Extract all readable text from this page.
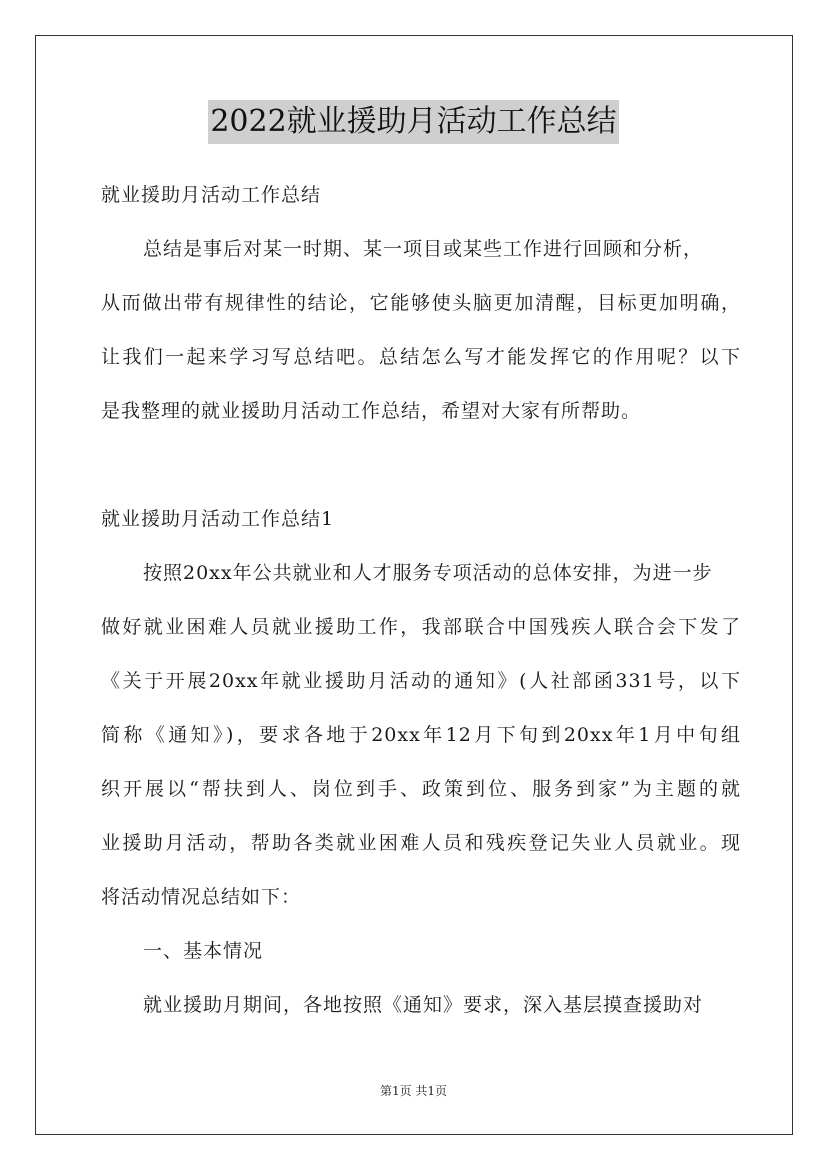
2022就业援助月活动工作总结
就业援助月活动工作总结
总结是事后对某一时期、某一项目或某些工作进行回顾和分析，
从而做出带有规律性的结论，它能够使头脑更加清醒，目标更加明确，
让我们一起来学习写总结吧。总结怎么写才能发挥它的作用呢？以下
是我整理的就业援助月活动工作总结，希望对大家有所帮助。
就业援助月活动工作总结1
按照20xx年公共就业和人才服务专项活动的总体安排，为进一步
做好就业困难人员就业援助工作，我部联合中国残疾人联合会下发了
《关于开展20xx年就业援助月活动的通知》(人社部函331号，以下
简称《通知》)，要求各地于20xx年12月下旬到20xx年1月中旬组
织开展以“帮扶到人、岗位到手、政策到位、服务到家”为主题的就
业援助月活动，帮助各类就业困难人员和残疾登记失业人员就业。现
将活动情况总结如下：
一、基本情况
就业援助月期间，各地按照《通知》要求，深入基层摸查援助对
第1页 共1页
